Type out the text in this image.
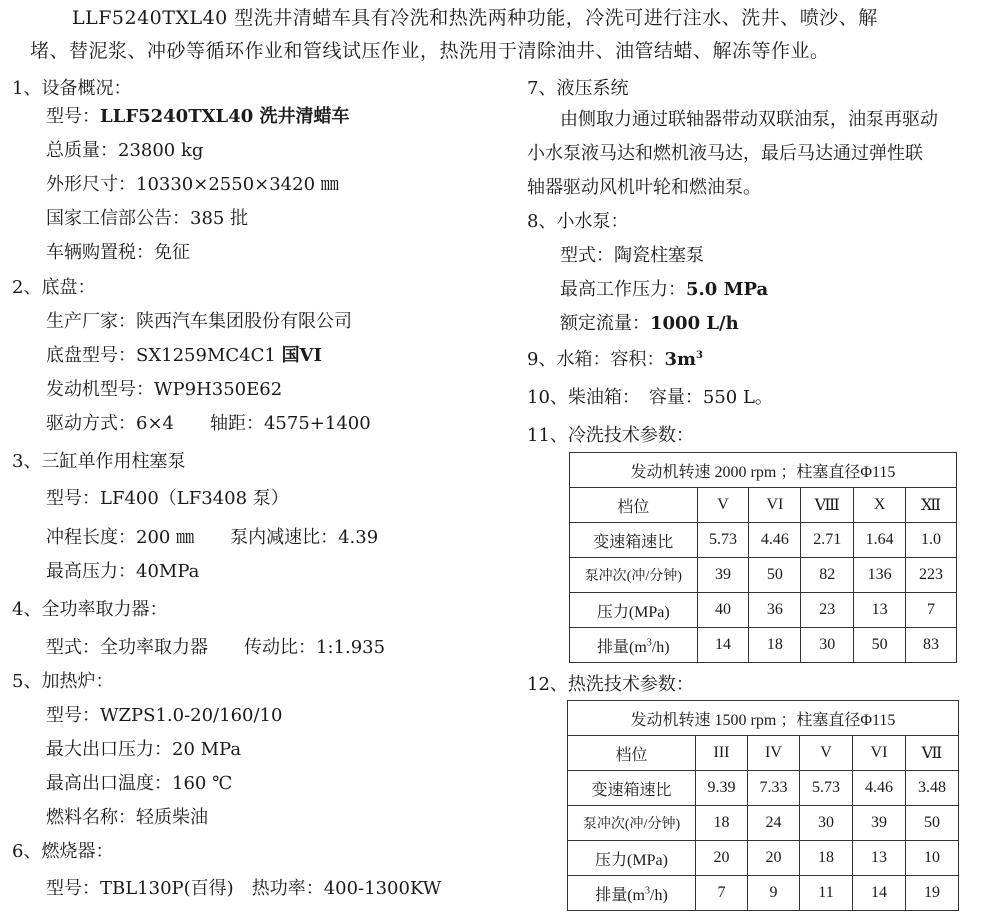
LLF5240TXL40 型洗井清蜡车具有冷洗和热洗两种功能，冷洗可进行注水、洗井、喷沙、解
堵、替泥浆、冲砂等循环作业和管线试压作业，热洗用于清除油井、油管结蜡、解冻等作业。
1、设备概况：
型号：LLF5240TXL40 洗井清蜡车
总质量：23800 kg
外形尺寸：10330×2550×3420 ㎜
国家工信部公告：385 批
车辆购置税：免征
2、底盘：
生产厂家：陕西汽车集团股份有限公司
底盘型号：SX1259MC4C1 国VI
发动机型号：WP9H350E62
驱动方式：6×4　　轴距：4575+1400
3、三缸单作用柱塞泵
型号：LF400（LF3408 泵）
冲程长度：200 ㎜　　泵内减速比：4.39
最高压力：40MPa
4、全功率取力器：
型式：全功率取力器　　传动比：1:1.935
5、加热炉：
型号：WZPS1.0-20/160/10
最大出口压力：20 MPa
最高出口温度：160 ℃
燃料名称：轻质柴油
6、燃烧器：
型号：TBL130P(百得)　热功率：400-1300KW
7、液压系统
由侧取力通过联轴器带动双联油泵，油泵再驱动
小水泵液马达和燃机液马达，最后马达通过弹性联
轴器驱动风机叶轮和燃油泵。
8、小水泵：
型式：陶瓷柱塞泵
最高工作压力：5.0 MPa
额定流量：1000 L/h
9、水箱：容积：$3m^3$
10、柴油箱：　容量：550 L。
11、冷洗技术参数：
发动机转速 2000 rpm ；柱塞直径Φ115					
档位	V	VI	Ⅷ	X	Ⅻ
变速箱速比	5.73	4.46	2.71	1.64	1.0
泵冲次(冲/分钟)	39	50	82	136	223
压力(MPa)	40	36	23	13	7
排量$(m^3/h)$	14	18	30	50	83
12、热洗技术参数：
发动机转速 1500 rpm ；柱塞直径Φ115					
档位	III	IV	V	VI	Ⅶ
变速箱速比	9.39	7.33	5.73	4.46	3.48
泵冲次(冲/分钟)	18	24	30	39	50
压力(MPa)	20	20	18	13	10
排量$(m^3/h)$	7	9	11	14	19
